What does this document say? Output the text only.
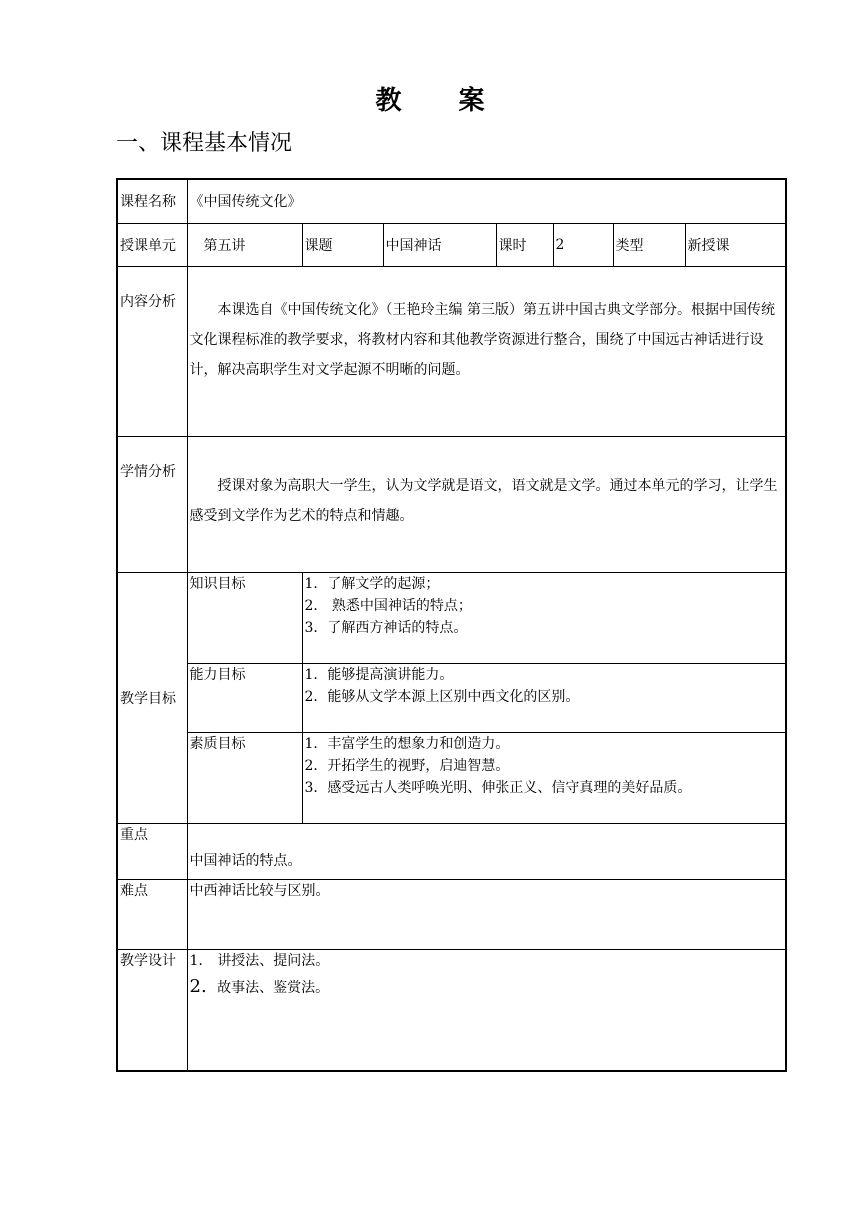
教 案
一、课程基本情况
课程名称	《中国传统文化》						
授课单元	第五讲	课题	中国神话	课时	2	类型	新授课
内容分析	本课选自《中国传统文化》（王艳玲主编 第三版）第五讲中国古典文学部分。根据中国传统文化课程标准的教学要求，将教材内容和其他教学资源进行整合，围绕了中国远古神话进行设计，解决高职学生对文学起源不明晰的问题。						

学情分析	授课对象为高职大一学生，认为文学就是语文，语文就是文学。通过本单元的学习，让学生感受到文学作为艺术的特点和情趣。						

教学目标	知识目标	1．了解文学的起源；
2． 熟悉中国神话的特点；
3．了解西方神话的特点。					

	能力目标	1．能够提高演讲能力。
2．能够从文学本源上区别中西文化的区别。					

	素质目标	1．丰富学生的想象力和创造力。
2．开拓学生的视野，启迪智慧。
3．感受远古人类呼唤光明、伸张正义、信守真理的美好品质。					

重点	中国神话的特点。						

难点	中西神话比较与区别。						
教学设计	1. 讲授法、提问法。
2. 故事法、鉴赏法。						
